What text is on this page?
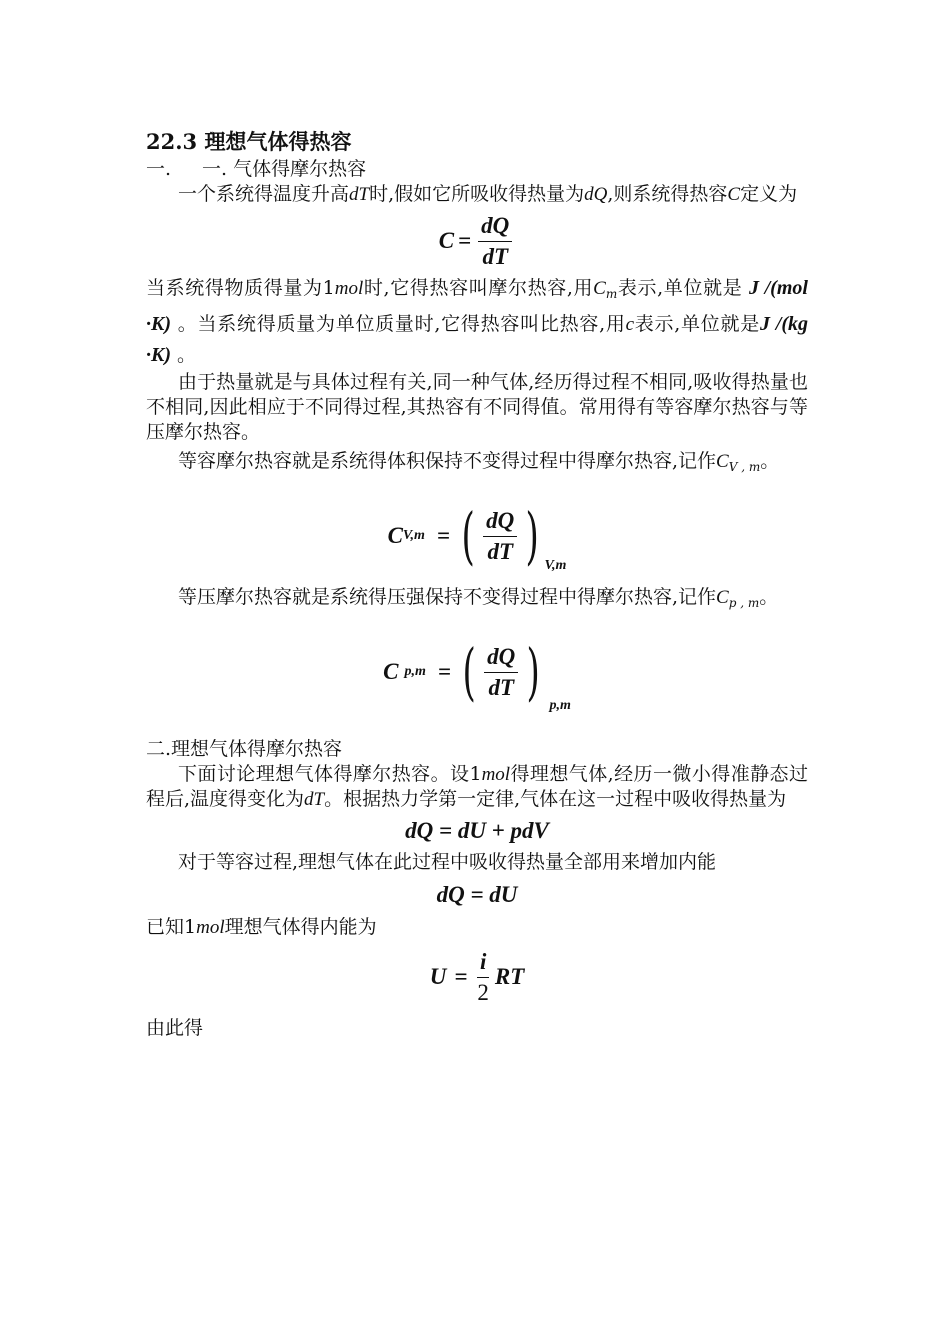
22.3 理想气体得热容

一. 一. 气体得摩尔热容

一个系统得温度升高dT时,假如它所吸收得热量为dQ,则系统得热容C定义为

$C = \frac{dQ}{dT}$

当系统得物质得量为1mol时,它得热容叫摩尔热容,用$C_m$表示,单位就是 J /(mol ·K) 。当系统得质量为单位质量时,它得热容叫比热容,用c表示,单位就是J /(kg ·K) 。

由于热量就是与具体过程有关,同一种气体,经历得过程不相同,吸收得热量也不相同,因此相应于不同得过程,其热容有不同得值。常用得有等容摩尔热容与等压摩尔热容。

等容摩尔热容就是系统得体积保持不变得过程中得摩尔热容,记作$C_{V , m}$。

C V,m = ( $\frac{dQ}{dT}$ ) V,m

等压摩尔热容就是系统得压强保持不变得过程中得摩尔热容,记作$C_{p , m}$。

C p,m = ( $\frac{dQ}{dT}$ ) p,m

二.理想气体得摩尔热容

下面讨论理想气体得摩尔热容。设1mol得理想气体,经历一微小得准静态过程后,温度得变化为dT。根据热力学第一定律,气体在这一过程中吸收得热量为

dQ = dU + pdV

对于等容过程,理想气体在此过程中吸收得热量全部用来增加内能

dQ = dU

已知1mol理想气体得内能为

$U = \frac{i}{2}$ RT

由此得
